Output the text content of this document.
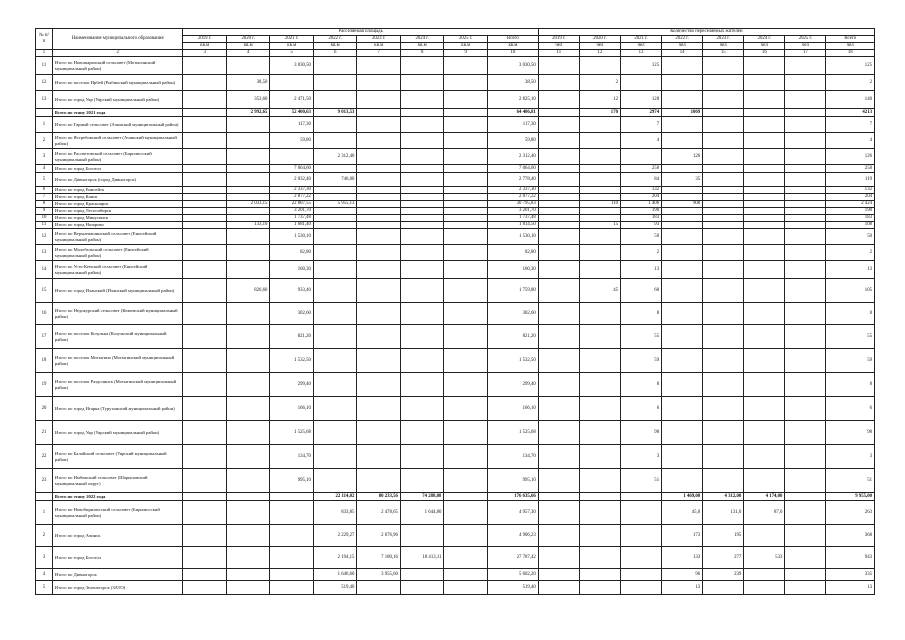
№ п/п	Наименование муниципального образования	Расселяемая площадь								Количество переселяемых жителей							
		2019 г.	2020 г.	2021 г.	2022 г.	2023 г.	2024 г.	2025 г.	Всего	2019 г.	2020 г.	2021 г.	2022 г.	2023 г.	2024 г.	2025 г.	Всего
		кв.м	кв.м	кв.м	кв.м	кв.м	кв.м	кв.м	кв.м	чел	чел	чел	чел	чел	чел	чел	чел
1	2	3	4	5	6	7	8	9	10	11	12	13	14	15	16	17	18
11	Итого по Новошарапский сельсовет (Мотыгинский муниципальный район)			3 030,50					3 030,50			125					125
12	Итого по поселок Ирбей (Рыбинский муниципальный район)		38,50						38,50		2						2
13	Итого по город Уяр (Уярский муниципальный район)		353,60	2 471,50					2 825,10		12	128					140
	Всего по этапу 2021 года		2 992,65	52 400,63	9 013,53				64 406,81		170	2974	1069				4213
1	Итого по Гарный сельсовет (Ачинский муниципальный район)			117,30					117,30			7					7
2	Итого по Ястребовский сельсовет (Ачинский муниципальный район)			59,80					59,80			4					4
3	Итого по Рассветовский сельсовет (Бирилюсский муниципальный район)				2 312,40				2 312,40				126				126
4	Итого по город Боготол			7 064,60					7 064,60			258					258
5	Итого по Дивногорск (город Дивногорск)			2 032,40	746,00				2 778,40			84	35				119
6	Итого по город Енисейск			2 337,30					2 337,30			132					132
7	Итого по город Канск			2 877,22					2 877,22			204					204
8	Итого по город Красноярск		2 033,15	22 807,55	5 955,13				30 795,83		110	1 406	908				2 424
9	Итого по город Лесосибирск			3 201,70					3 201,70			190					190
10	Итого по город Минусинск			1 737,48					1 737,48			183					183
11	Итого по город Назарово		133,10	1 681,40					1 814,50		15	93					108
12	Итого по Верхнепашинский сельсовет (Енисейский муниципальный район)			1 530,10					1 530,10			50					50
13	Итого по Малобельский сельсовет (Енисейский муниципальный район)			82,80					82,80			2					2
14	Итого по Усть-Кемский сельсовет (Енисейский муниципальный район)			160,30					160,30			13					13
15	Итого по город Иланский (Иланский муниципальный район)		826,60	933,40					1 759,80		45	60					105
16	Итого по Недокурский сельсовет (Кежемский муниципальный район)			302,60					302,60			8					8
17	Итого по поселок Козулька (Козульский муниципальный район)			821,20					821,20			55					55
18	Итого по поселок Мотыгино (Мотыгинский муниципальный район)			1 532,50					1 532,50			59					59
19	Итого по поселок Раздолинск (Мотыгинский муниципальный район)			299,40					299,40			8					8
20	Итого по город Игарка (Туруханский муниципальный район)			166,10					166,10			6					6
21	Итого по город Уяр (Уярский муниципальный район)			1 525,68					1 525,68			98					98
22	Итого по Балайский сельсовет (Уярский муниципальный район)			134,70					134,70			3					3
23	Итого по Имбежский сельсовет (Шарыповский муниципальный округ)			995,10					995,10			51					51
	Всего по этапу 2022 года				22 114,02	80 233,56	74 288,08		176 635,66				1 469,00	4 312,00	4 174,00		9 955,00
1	Итого по Новобирилюсский сельсовет (Бирилюсский муниципальный район)				833,85	2 478,65	1 644,80		4 957,30				45,0	131,0	87,0		263
2	Итого по город Ачинск				2 229,27	2 676,96			4 906,23				173	195			368
3	Итого по город Боготол				2 194,15	7 180,16	18 413,11		27 787,42				133	277	533		943
4	Итого по Дивногорск				1 646,60	3 955,60			5 602,20				96	239			335
5	Итого по город Зеленогорск (ЗАТО)				519,40				519,40				13				13
